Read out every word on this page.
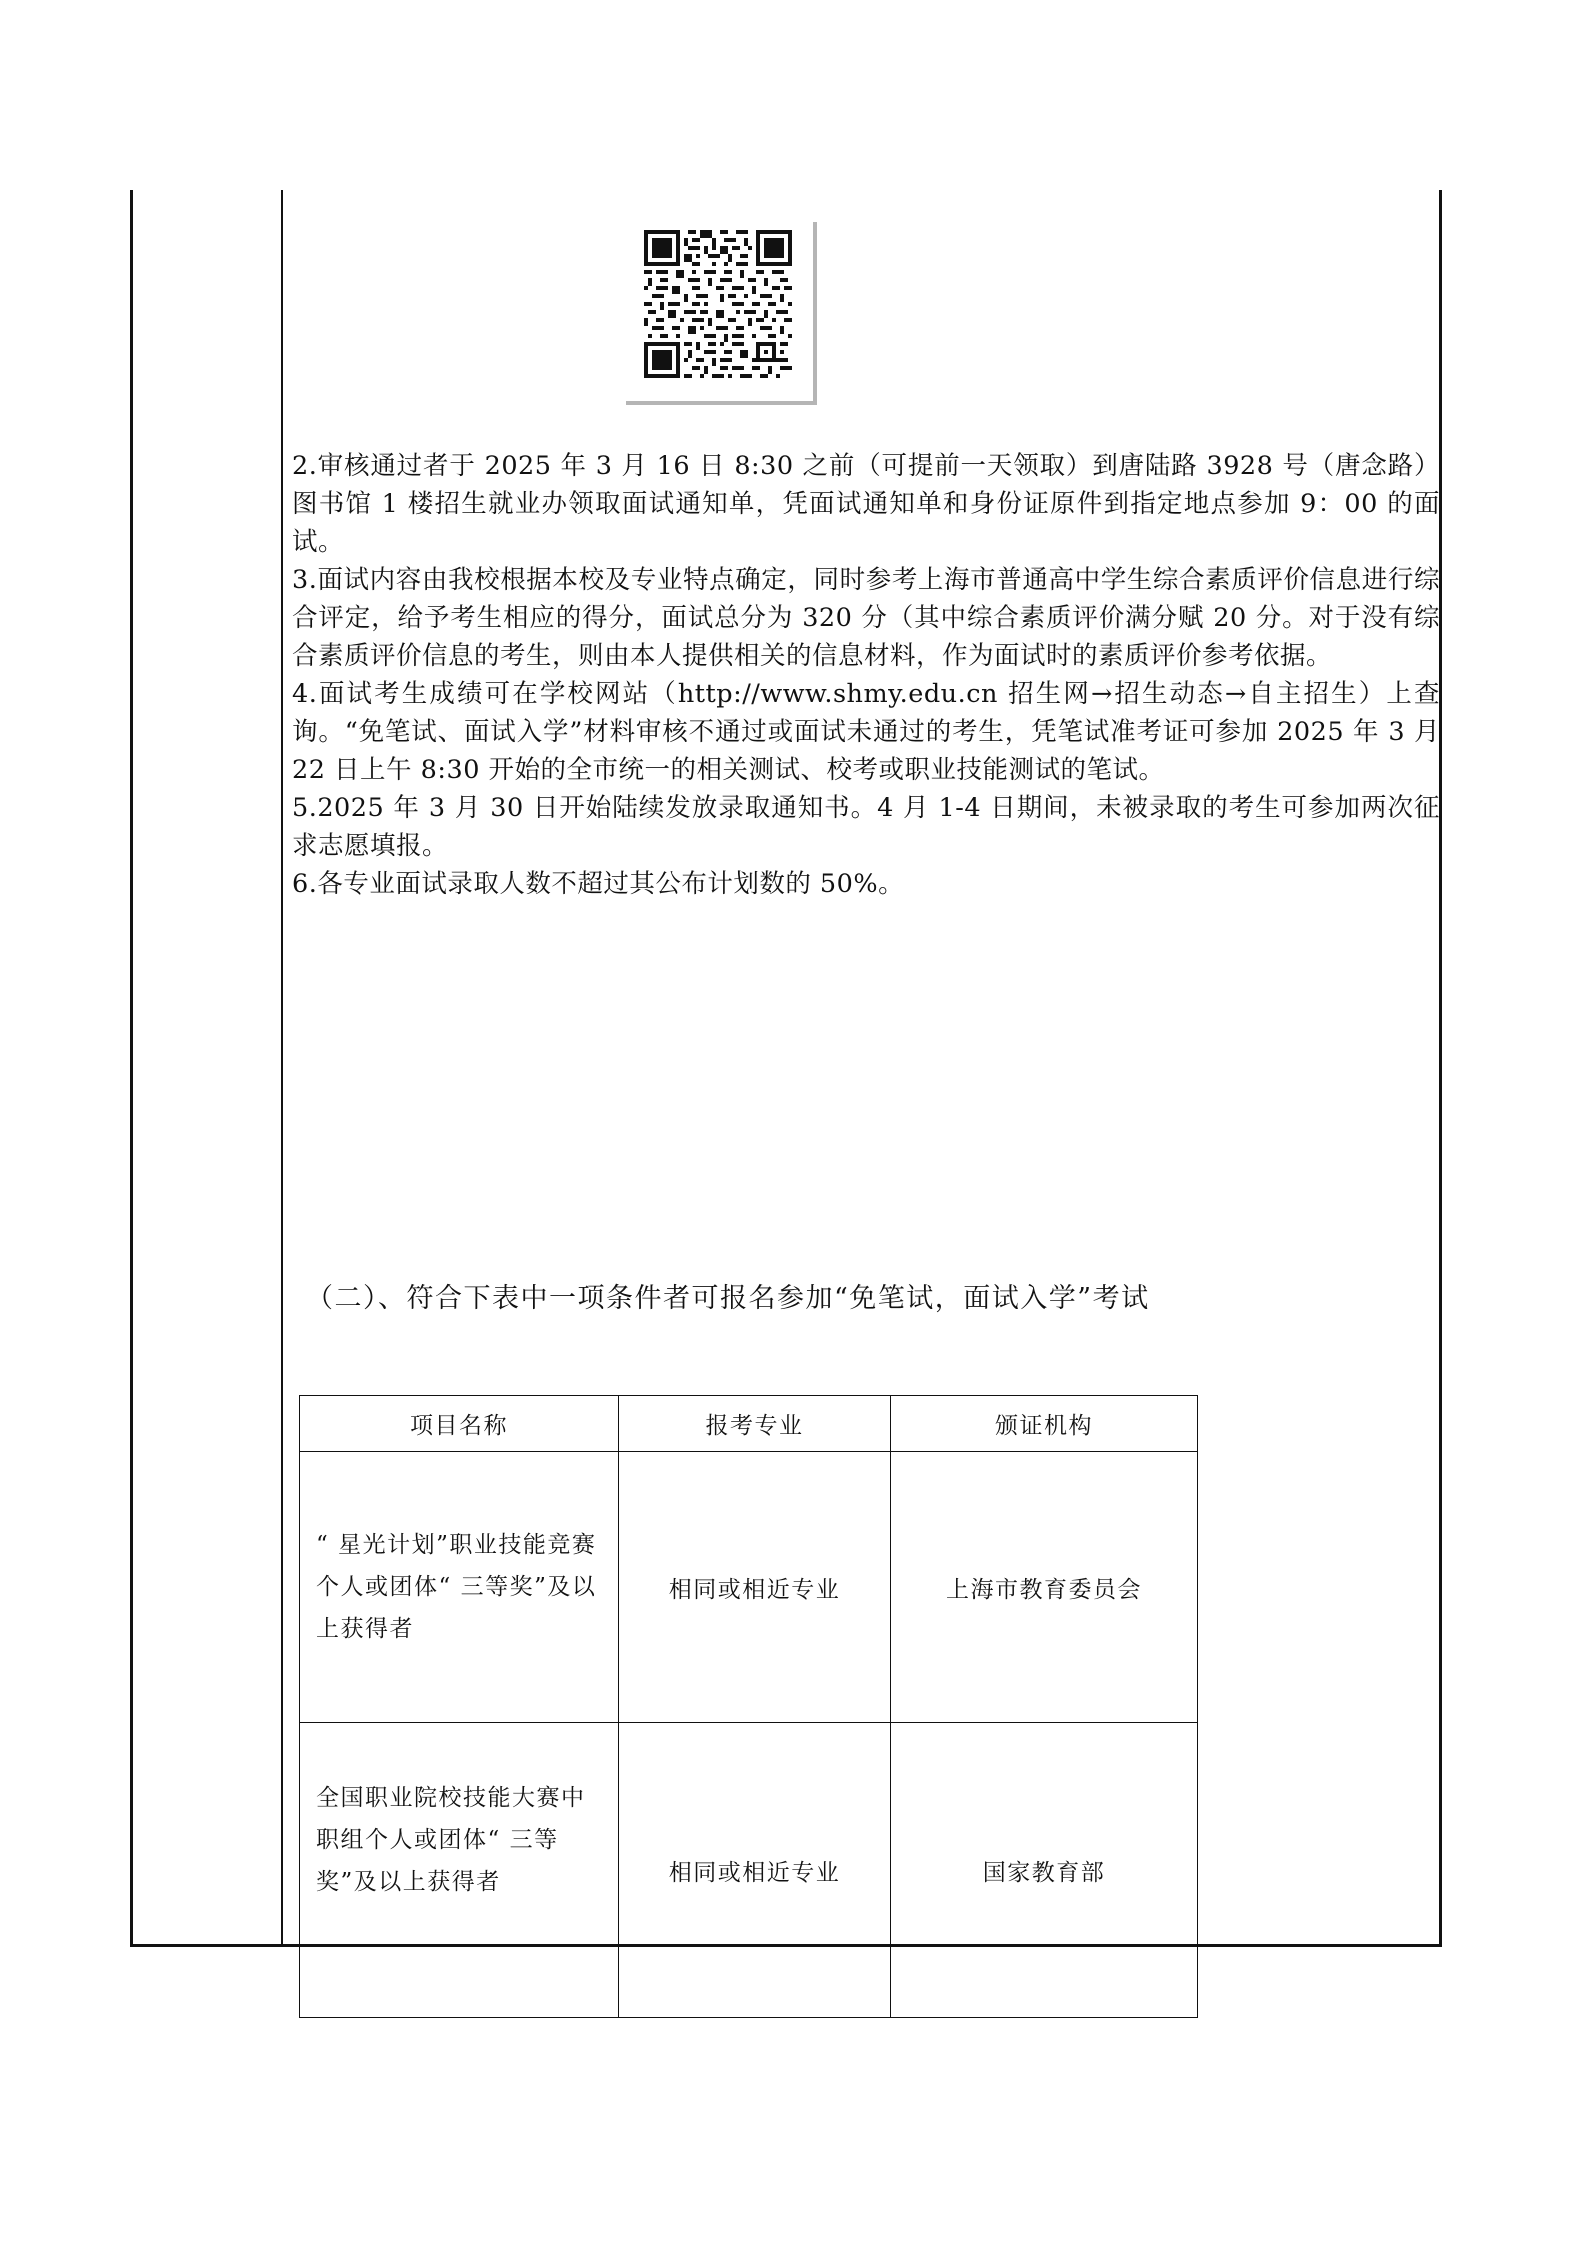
2.审核通过者于 2025 年 3 月 16 日 8:30 之前（可提前一天领取）到唐陆路 3928 号（唐念路）图书馆 1 楼招生就业办领取面试通知单，凭面试通知单和身份证原件到指定地点参加 9：00 的面试。

3.面试内容由我校根据本校及专业特点确定，同时参考上海市普通高中学生综合素质评价信息进行综合评定，给予考生相应的得分，面试总分为 320 分（其中综合素质评价满分赋 20 分。对于没有综合素质评价信息的考生，则由本人提供相关的信息材料，作为面试时的素质评价参考依据。

4.面试考生成绩可在学校网站（http://www.shmy.edu.cn 招生网→招生动态→自主招生）上查询。“免笔试、面试入学”材料审核不通过或面试未通过的考生，凭笔试准考证可参加 2025 年 3 月 22 日上午 8:30 开始的全市统一的相关测试、校考或职业技能测试的笔试。

5.2025 年 3 月 30 日开始陆续发放录取通知书。4 月 1-4 日期间，未被录取的考生可参加两次征求志愿填报。

6.各专业面试录取人数不超过其公布计划数的 50%。

（二）、符合下表中一项条件者可报名参加“免笔试，面试入学”考试
项目名称	报考专业	颁证机构
“ 星光计划”职业技能竞赛个人或团体“ 三等奖”及以上获得者	相同或相近专业	上海市教育委员会
全国职业院校技能大赛中职组个人或团体“ 三等奖”及以上获得者	相同或相近专业	国家教育部
